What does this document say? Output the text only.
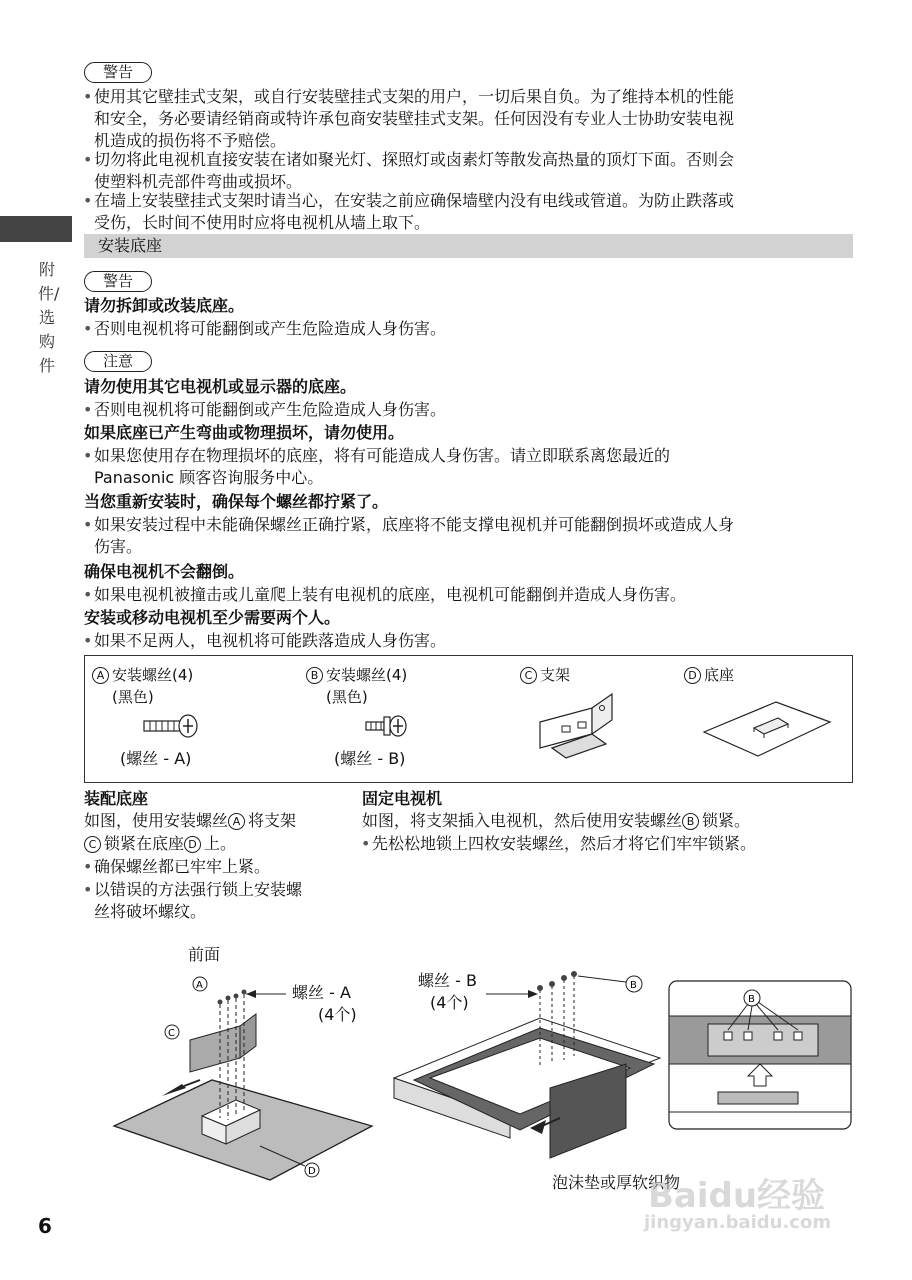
附件/选购件
警告
• 使用其它壁挂式支架，或自行安装壁挂式支架的用户，一切后果自负。为了维持本机的性能
和安全，务必要请经销商或特许承包商安装壁挂式支架。任何因没有专业人士协助安装电视
机造成的损伤将不予赔偿。
• 切勿将此电视机直接安装在诸如聚光灯、探照灯或卤素灯等散发高热量的顶灯下面。否则会
使塑料机壳部件弯曲或损坏。
• 在墙上安装壁挂式支架时请当心，在安装之前应确保墙壁内没有电线或管道。为防止跌落或
受伤，长时间不使用时应将电视机从墙上取下。
安装底座
警告
请勿拆卸或改装底座。
• 否则电视机将可能翻倒或产生危险造成人身伤害。
注意
请勿使用其它电视机或显示器的底座。
• 否则电视机将可能翻倒或产生危险造成人身伤害。
如果底座已产生弯曲或物理损坏，请勿使用。
• 如果您使用存在物理损坏的底座，将有可能造成人身伤害。请立即联系离您最近的
Panasonic 顾客咨询服务中心。
当您重新安装时，确保每个螺丝都拧紧了。
• 如果安装过程中未能确保螺丝正确拧紧，底座将不能支撑电视机并可能翻倒损坏或造成人身
伤害。
确保电视机不会翻倒。
• 如果电视机被撞击或儿童爬上装有电视机的底座，电视机可能翻倒并造成人身伤害。
安装或移动电视机至少需要两个人。
• 如果不足两人，电视机将可能跌落造成人身伤害。
A 安装螺丝(4)
(黑色)
(螺丝 - A)
B 安装螺丝(4)
(黑色)
(螺丝 - B)
C 支架	D 底座
装配底座
如图，使用安装螺丝 A 将支架
C 锁紧在底座 D 上。
• 确保螺丝都已牢牢上紧。
• 以错误的方法强行锁上安装螺
丝将破坏螺纹。
固定电视机
如图，将支架插入电视机，然后使用安装螺丝 B 锁紧。
• 先松松地锁上四枚安装螺丝，然后才将它们牢牢锁紧。
前面
螺丝 - A
(4个)
A
C
D
螺丝 - B
(4个)
B
泡沫垫或厚软织物
B
6
Baidu经验
jingyan.baidu.com
